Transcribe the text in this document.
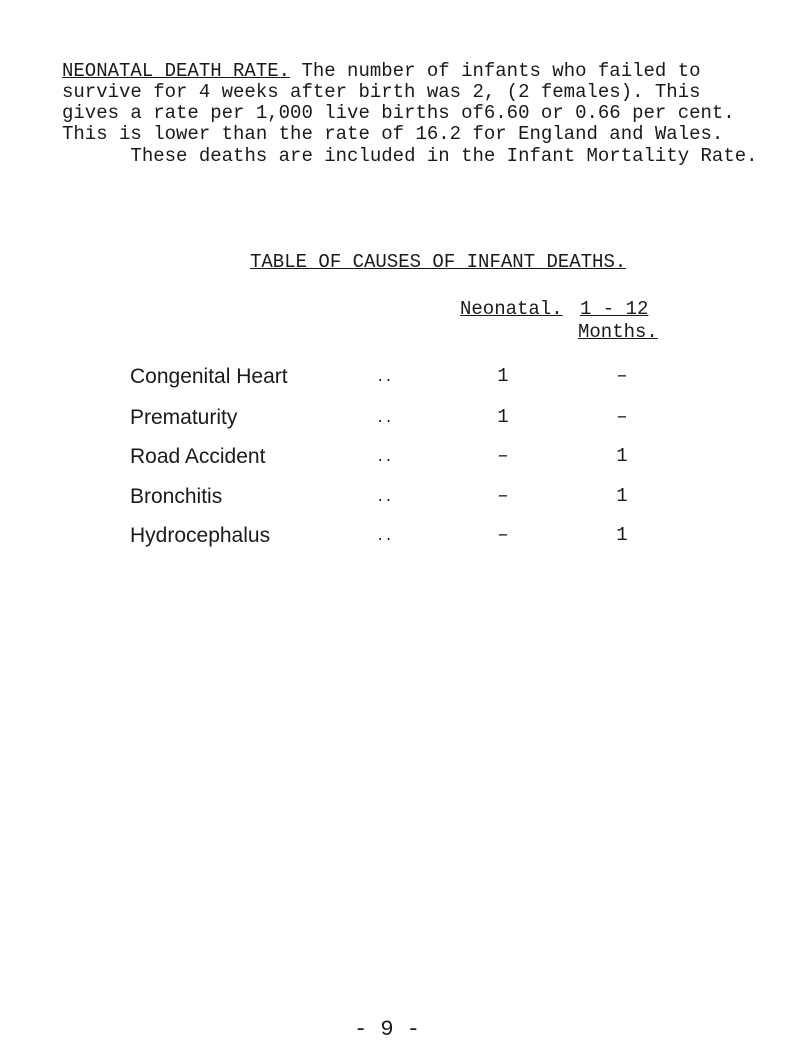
NEONATAL DEATH RATE. The number of infants who failed to survive for 4 weeks after birth was 2, (2 females). This gives a rate per 1,000 live births of6.60 or 0.66 per cent. This is lower than the rate of 16.2 for England and Wales.
These deaths are included in the Infant Mortality Rate.
TABLE OF CAUSES OF INFANT DEATHS.
Neonatal. 1 - 12
Months.
Congenital Heart	..	1	–
Prematurity	..	1	–
Road Accident	..	–	1
Bronchitis	..	–	1
Hydrocephalus	..	–	1
- 9 -
